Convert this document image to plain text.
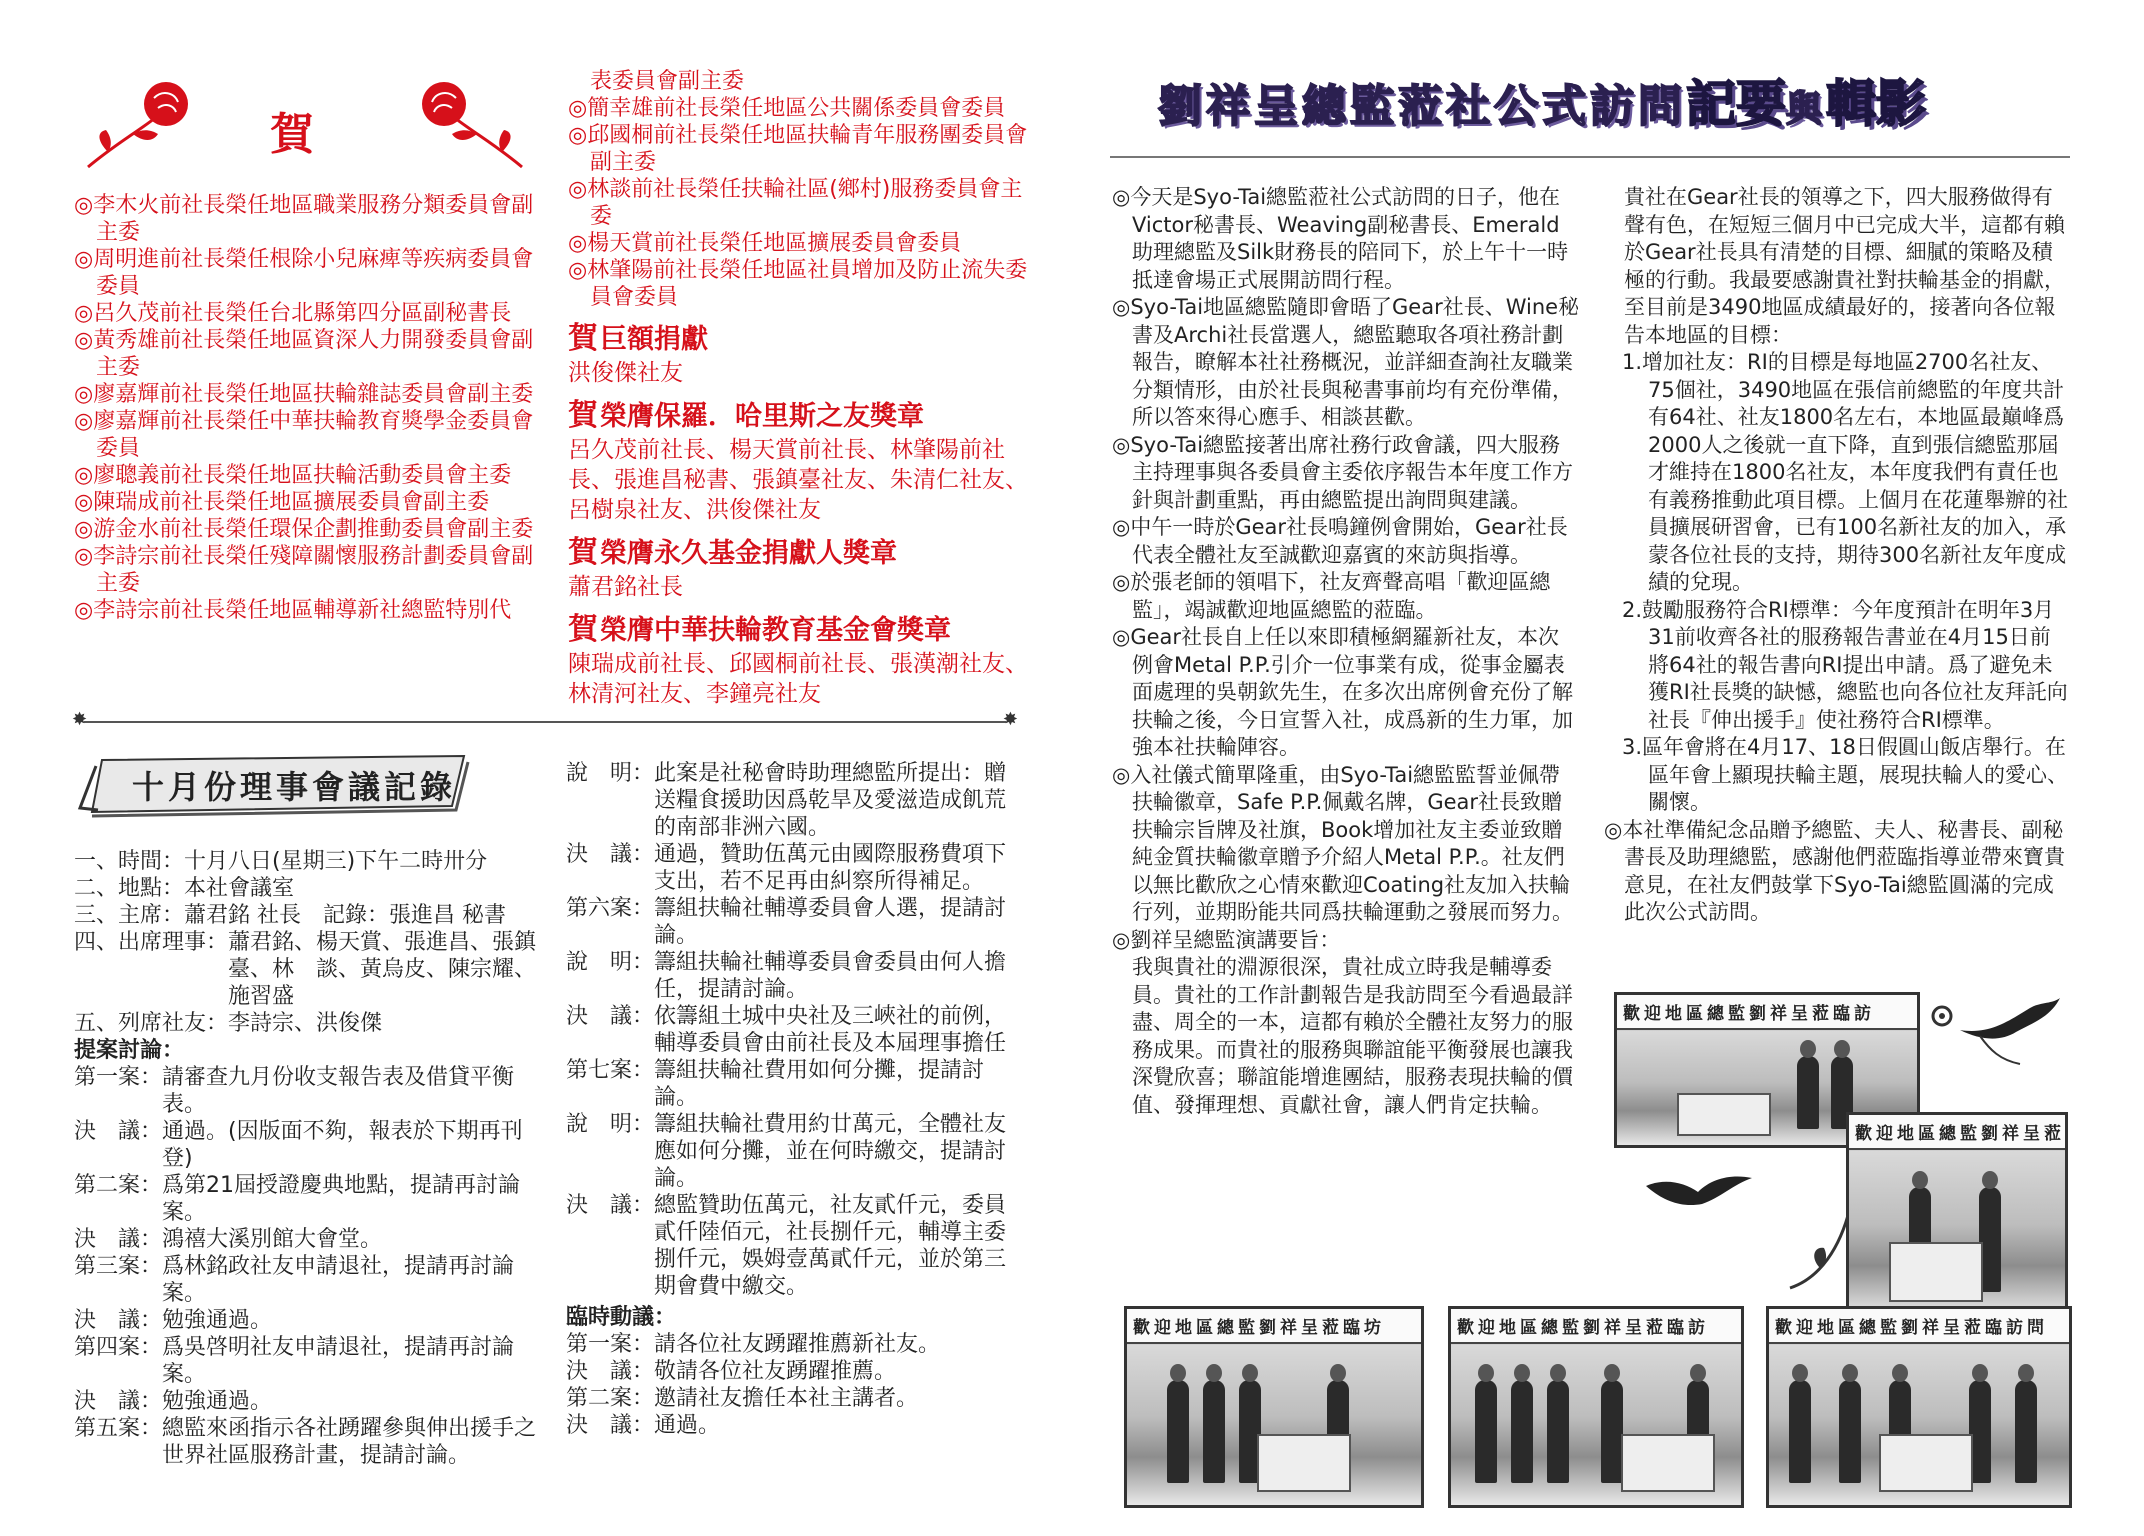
賀
◎李木火前社長榮任地區職業服務分類委員會副主委
◎周明進前社長榮任根除小兒麻痺等疾病委員會委員
◎呂久茂前社長榮任台北縣第四分區副秘書長
◎黃秀雄前社長榮任地區資深人力開發委員會副主委
◎廖嘉輝前社長榮任地區扶輪雜誌委員會副主委
◎廖嘉輝前社長榮任中華扶輪教育獎學金委員會委員
◎廖聰義前社長榮任地區扶輪活動委員會主委
◎陳瑞成前社長榮任地區擴展委員會副主委
◎游金水前社長榮任環保企劃推動委員會副主委
◎李詩宗前社長榮任殘障關懷服務計劃委員會副主委
◎李詩宗前社長榮任地區輔導新社總監特別代
表委員會副主委
◎簡幸雄前社長榮任地區公共關係委員會委員
◎邱國桐前社長榮任地區扶輪青年服務團委員會副主委
◎林談前社長榮任扶輪社區(鄉村)服務委員會主委
◎楊天賞前社長榮任地區擴展委員會委員
◎林肇陽前社長榮任地區社員增加及防止流失委員會委員
賀巨額捐獻
洪俊傑社友
賀榮膺保羅．哈里斯之友獎章
呂久茂前社長、楊天賞前社長、林肇陽前社長、張進昌秘書、張鎮臺社友、朱清仁社友、呂樹泉社友、洪俊傑社友
賀榮膺永久基金捐獻人獎章
蕭君銘社長
賀榮膺中華扶輪教育基金會獎章
陳瑞成前社長、邱國桐前社長、張漢潮社友、林清河社友、李鐘亮社友
✸	✸
十月份理事會議記錄
一、時間： 十月八日(星期三)下午二時卅分
二、地點： 本社會議室
三、主席： 蕭君銘 社長　記錄：張進昌 秘書
四、出席理事： 蕭君銘、楊天賞、張進昌、張鎮臺、林　談、黃烏皮、陳宗耀、施習盛
五、列席社友： 李詩宗、洪俊傑
提案討論：
第一案： 請審查九月份收支報告表及借貸平衡表。
決　議： 通過。(因版面不夠，報表於下期再刊登)
第二案： 爲第21屆授證慶典地點，提請再討論案。
決　議： 鴻禧大溪別館大會堂。
第三案： 爲林銘政社友申請退社，提請再討論案。
決　議： 勉強通過。
第四案： 爲吳啓明社友申請退社，提請再討論案。
決　議： 勉強通過。
第五案： 總監來函指示各社踴躍參與伸出援手之世界社區服務計畫，提請討論。
說　明： 此案是社秘會時助理總監所提出：贈送糧食援助因爲乾旱及愛滋造成飢荒的南部非洲六國。
決　議： 通過，贊助伍萬元由國際服務費項下支出，若不足再由糾察所得補足。
第六案： 籌組扶輪社輔導委員會人選，提請討論。
說　明： 籌組扶輪社輔導委員會委員由何人擔任，提請討論。
決　議： 依籌組土城中央社及三峽社的前例，輔導委員會由前社長及本屆理事擔任
第七案： 籌組扶輪社費用如何分攤，提請討論。
說　明： 籌組扶輪社費用約廿萬元，全體社友應如何分攤，並在何時繳交，提請討論。
決　議： 總監贊助伍萬元，社友貳仟元，委員貳仟陸佰元，社長捌仟元，輔導主委捌仟元，娛姆壹萬貳仟元，並於第三期會費中繳交。
臨時動議：
第一案： 請各位社友踴躍推薦新社友。
決　議： 敬請各位社友踴躍推薦。
第二案： 邀請社友擔任本社主講者。
決　議： 通過。
劉祥呈總監蒞社公式訪問記要與輯影
◎今天是Syo-Tai總監蒞社公式訪問的日子，他在Victor秘書長、Weaving副秘書長、Emerald助理總監及Silk財務長的陪同下，於上午十一時抵達會場正式展開訪問行程。
◎Syo-Tai地區總監隨即會晤了Gear社長、Wine秘書及Archi社長當選人，總監聽取各項社務計劃報告，瞭解本社社務概況，並詳細查詢社友職業分類情形，由於社長與秘書事前均有充份準備，所以答來得心應手、相談甚歡。
◎Syo-Tai總監接著出席社務行政會議，四大服務主持理事與各委員會主委依序報告本年度工作方針與計劃重點，再由總監提出詢問與建議。
◎中午一時於Gear社長鳴鐘例會開始，Gear社長代表全體社友至誠歡迎嘉賓的來訪與指導。
◎於張老師的領唱下，社友齊聲高唱「歡迎區總監」，竭誠歡迎地區總監的蒞臨。
◎Gear社長自上任以來即積極網羅新社友，本次例會Metal P.P.引介一位事業有成，從事金屬表面處理的吳朝欽先生，在多次出席例會充份了解扶輪之後，今日宣誓入社，成爲新的生力軍，加強本社扶輪陣容。
◎入社儀式簡單隆重，由Syo-Tai總監監誓並佩帶扶輪徽章，Safe P.P.佩戴名牌，Gear社長致贈扶輪宗旨牌及社旗，Book增加社友主委並致贈純金質扶輪徽章贈予介紹人Metal P.P.。社友們以無比歡欣之心情來歡迎Coating社友加入扶輪行列，並期盼能共同爲扶輪運動之發展而努力。
◎劉祥呈總監演講要旨：
我與貴社的淵源很深，貴社成立時我是輔導委員。貴社的工作計劃報告是我訪問至今看過最詳盡、周全的一本，這都有賴於全體社友努力的服務成果。而貴社的服務與聯誼能平衡發展也讓我深覺欣喜；聯誼能增進團結，服務表現扶輪的價值、發揮理想、貢獻社會，讓人們肯定扶輪。
貴社在Gear社長的領導之下，四大服務做得有聲有色，在短短三個月中已完成大半，這都有賴於Gear社長具有清楚的目標、細膩的策略及積極的行動。我最要感謝貴社對扶輪基金的捐獻，至目前是3490地區成績最好的，接著向各位報告本地區的目標：
1.增加社友：RI的目標是每地區2700名社友、75個社，3490地區在張信前總監的年度共計有64社、社友1800名左右，本地區最巔峰爲2000人之後就一直下降，直到張信總監那屆才維持在1800名社友，本年度我們有責任也有義務推動此項目標。上個月在花蓮舉辦的社員擴展研習會，已有100名新社友的加入，承蒙各位社長的支持，期待300名新社友年度成績的兌現。
2.鼓勵服務符合RI標準：今年度預計在明年3月31前收齊各社的服務報告書並在4月15日前將64社的報告書向RI提出申請。爲了避免未獲RI社長獎的缺憾，總監也向各位社友拜託向社長『伸出援手』使社務符合RI標準。
3.區年會將在4月17、18日假圓山飯店舉行。在區年會上顯現扶輪主題，展現扶輪人的愛心、關懷。
◎本社準備紀念品贈予總監、夫人、秘書長、副秘書長及助理總監，感謝他們蒞臨指導並帶來寶貴意見，在社友們鼓掌下Syo-Tai總監圓滿的完成此次公式訪問。
歡迎地區總監劉祥呈蒞臨訪
歡迎地區總監劉祥呈蒞
歡迎地區總監劉祥呈蒞臨坊	歡迎地區總監劉祥呈蒞臨訪	歡迎地區總監劉祥呈蒞臨訪問
